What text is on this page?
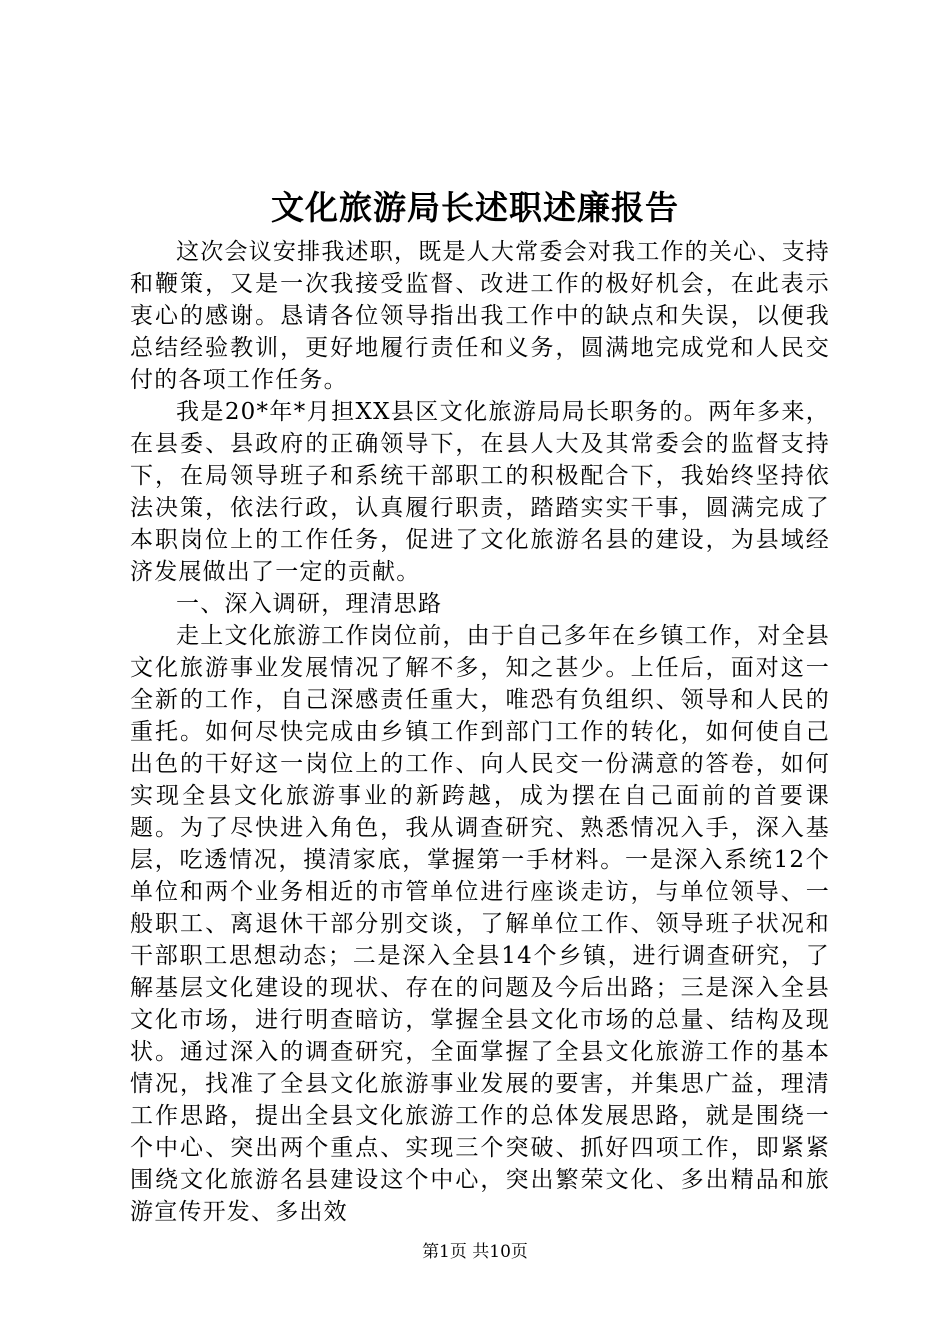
文化旅游局长述职述廉报告

这次会议安排我述职，既是人大常委会对我工作的关心、支持和鞭策，又是一次我接受监督、改进工作的极好机会，在此表示衷心的感谢。恳请各位领导指出我工作中的缺点和失误，以便我总结经验教训，更好地履行责任和义务，圆满地完成党和人民交付的各项工作任务。

我是20*年*月担XX县区文化旅游局局长职务的。两年多来，在县委、县政府的正确领导下，在县人大及其常委会的监督支持下，在局领导班子和系统干部职工的积极配合下，我始终坚持依法决策，依法行政，认真履行职责，踏踏实实干事，圆满完成了本职岗位上的工作任务，促进了文化旅游名县的建设，为县域经济发展做出了一定的贡献。

一、深入调研，理清思路

走上文化旅游工作岗位前，由于自己多年在乡镇工作，对全县文化旅游事业发展情况了解不多，知之甚少。上任后，面对这一全新的工作，自己深感责任重大，唯恐有负组织、领导和人民的重托。如何尽快完成由乡镇工作到部门工作的转化，如何使自己出色的干好这一岗位上的工作、向人民交一份满意的答卷，如何实现全县文化旅游事业的新跨越，成为摆在自己面前的首要课题。为了尽快进入角色，我从调查研究、熟悉情况入手，深入基层，吃透情况，摸清家底，掌握第一手材料。一是深入系统12个单位和两个业务相近的市管单位进行座谈走访，与单位领导、一般职工、离退休干部分别交谈，了解单位工作、领导班子状况和干部职工思想动态；二是深入全县14个乡镇，进行调查研究，了解基层文化建设的现状、存在的问题及今后出路；三是深入全县文化市场，进行明查暗访，掌握全县文化市场的总量、结构及现状。通过深入的调查研究，全面掌握了全县文化旅游工作的基本情况，找准了全县文化旅游事业发展的要害，并集思广益，理清工作思路，提出全县文化旅游工作的总体发展思路，就是围绕一个中心、突出两个重点、实现三个突破、抓好四项工作，即紧紧围绕文化旅游名县建设这个中心，突出繁荣文化、多出精品和旅游宣传开发、多出效

第1页 共10页
